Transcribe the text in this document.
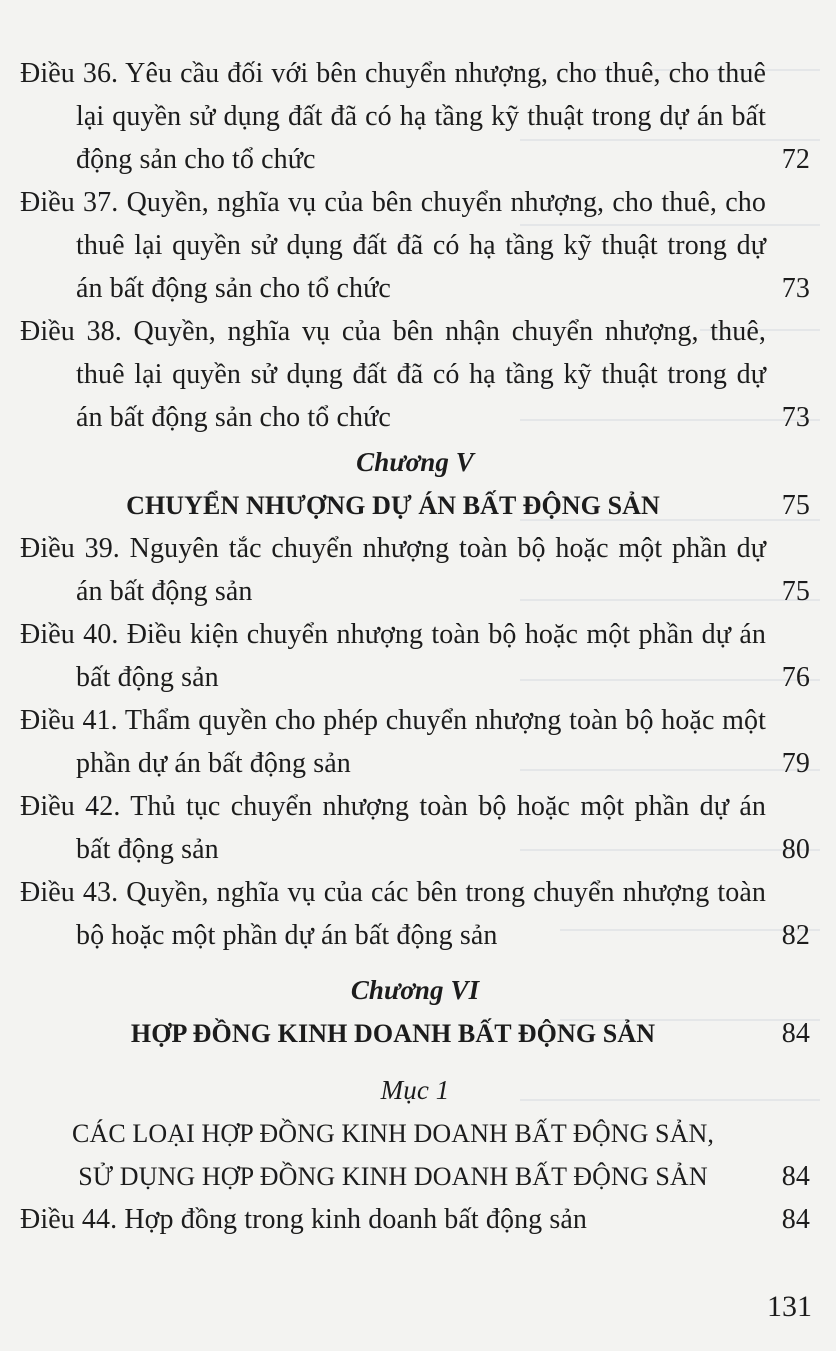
Điều 36. Yêu cầu đối với bên chuyển nhượng, cho thuê, cho thuê lại quyền sử dụng đất đã có hạ tầng kỹ thuật trong dự án bất động sản cho tổ chức	72
Điều 37. Quyền, nghĩa vụ của bên chuyển nhượng, cho thuê, cho thuê lại quyền sử dụng đất đã có hạ tầng kỹ thuật trong dự án bất động sản cho tổ chức	73
Điều 38. Quyền, nghĩa vụ của bên nhận chuyển nhượng, thuê, thuê lại quyền sử dụng đất đã có hạ tầng kỹ thuật trong dự án bất động sản cho tổ chức	73
Chương V
CHUYỂN NHƯỢNG DỰ ÁN BẤT ĐỘNG SẢN	75
Điều 39. Nguyên tắc chuyển nhượng toàn bộ hoặc một phần dự án bất động sản	75
Điều 40. Điều kiện chuyển nhượng toàn bộ hoặc một phần dự án bất động sản	76
Điều 41. Thẩm quyền cho phép chuyển nhượng toàn bộ hoặc một phần dự án bất động sản	79
Điều 42. Thủ tục chuyển nhượng toàn bộ hoặc một phần dự án bất động sản	80
Điều 43. Quyền, nghĩa vụ của các bên trong chuyển nhượng toàn bộ hoặc một phần dự án bất động sản	82
Chương VI
HỢP ĐỒNG KINH DOANH BẤT ĐỘNG SẢN	84
Mục 1
CÁC LOẠI HỢP ĐỒNG KINH DOANH BẤT ĐỘNG SẢN,
SỬ DỤNG HỢP ĐỒNG KINH DOANH BẤT ĐỘNG SẢN	84
Điều 44. Hợp đồng trong kinh doanh bất động sản	84
131
